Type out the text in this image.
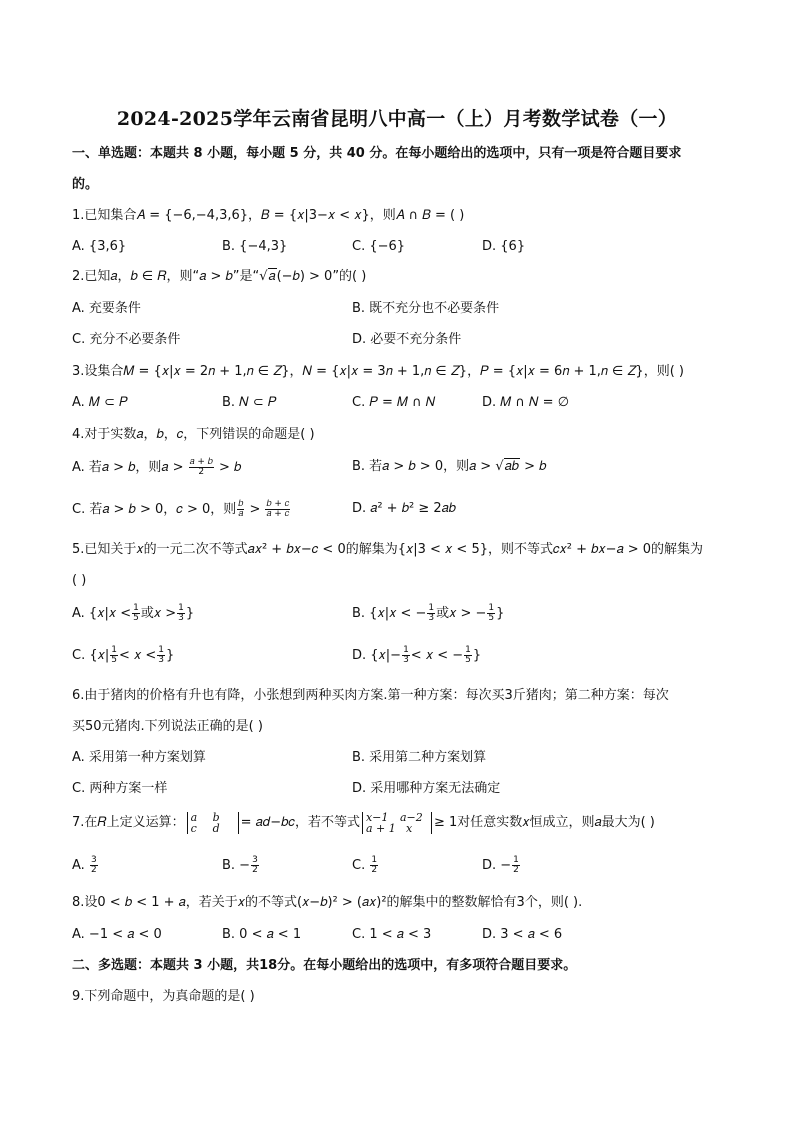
2024-2025学年云南省昆明八中高一（上）月考数学试卷（一）
一、单选题：本题共 8 小题，每小题 5 分，共 40 分。在每小题给出的选项中，只有一项是符合题目要求
的。
1.已知集合𝐴 = {−6,−4,3,6}，𝐵 = {𝑥|3−𝑥 < 𝑥}，则𝐴 ∩ 𝐵 = ( )
A. {3,6}	B. {−4,3}	C. {−6}	D. {6}
2.已知𝑎，𝑏 ∈ 𝑅，则“𝑎 > 𝑏”是“√𝑎(−𝑏) > 0”的( )
A. 充要条件	B. 既不充分也不必要条件
C. 充分不必要条件	D. 必要不充分条件
3.设集合𝑀 = {𝑥|𝑥 = 2𝑛 + 1,𝑛 ∈ 𝑍}，𝑁 = {𝑥|𝑥 = 3𝑛 + 1,𝑛 ∈ 𝑍}，𝑃 = {𝑥|𝑥 = 6𝑛 + 1,𝑛 ∈ 𝑍}，则( )
A. 𝑀 ⊂ 𝑃	B. 𝑁 ⊂ 𝑃	C. 𝑃 = 𝑀 ∩ 𝑁	D. 𝑀 ∩ 𝑁 = ∅
4.对于实数𝑎，𝑏，𝑐，下列错误的命题是( )
A. 若𝑎 > 𝑏，则𝑎 > $\frac{\text{𝑎 + 𝑏}}{2}$ > 𝑏	B. 若𝑎 > 𝑏 > 0，则𝑎 > √𝑎𝑏 > 𝑏
C. 若𝑎 > 𝑏 > 0，𝑐 > 0，则 $\frac{\text{𝑏}}{\text{𝑎}} > \frac{\text{𝑏 + 𝑐}}{\text{𝑎 + 𝑐}}$	D. 𝑎² + 𝑏² ≥ 2𝑎𝑏
5.已知关于𝑥的一元二次不等式𝑎𝑥² + 𝑏𝑥−𝑐 < 0的解集为{𝑥|3 < 𝑥 < 5}，则不等式𝑐𝑥² + 𝑏𝑥−𝑎 > 0的解集为
( )
A. {𝑥|𝑥 < $\frac{1}{5}$ 或𝑥 > $\frac{1}{3}$ }	B. {𝑥|𝑥 < − $\frac{1}{3}$ 或𝑥 > − $\frac{1}{5}$ }
C. {𝑥| $\frac{1}{5}$ < 𝑥 < $\frac{1}{3}$ }	D. {𝑥|− $\frac{1}{3}$ < 𝑥 < − $\frac{1}{5}$ }
6.由于猪肉的价格有升也有降，小张想到两种买肉方案.第一种方案：每次买3斤猪肉；第二种方案：每次
买50元猪肉.下列说法正确的是( )
A. 采用第一种方案划算	B. 采用第二种方案划算
C. 两种方案一样	D. 采用哪种方案无法确定
7.在𝑅上定义运算： 𝑎 𝑏
𝑐 𝑑	= 𝑎𝑑−𝑏𝑐，若不等式 𝑥−1 𝑎−2
𝑎 + 1 𝑥	≥ 1对任意实数𝑥恒成立，则𝑎最大为( )
A. $\frac{3}{2}$	B. − $\frac{3}{2}$	C. $\frac{1}{2}$	D. − $\frac{1}{2}$
8.设0 < 𝑏 < 1 + 𝑎，若关于𝑥的不等式(𝑥−𝑏)² > (𝑎𝑥)²的解集中的整数解恰有3个，则( ).
A. −1 < 𝑎 < 0	B. 0 < 𝑎 < 1	C. 1 < 𝑎 < 3	D. 3 < 𝑎 < 6
二、多选题：本题共 3 小题，共18分。在每小题给出的选项中，有多项符合题目要求。
9.下列命题中，为真命题的是( )
